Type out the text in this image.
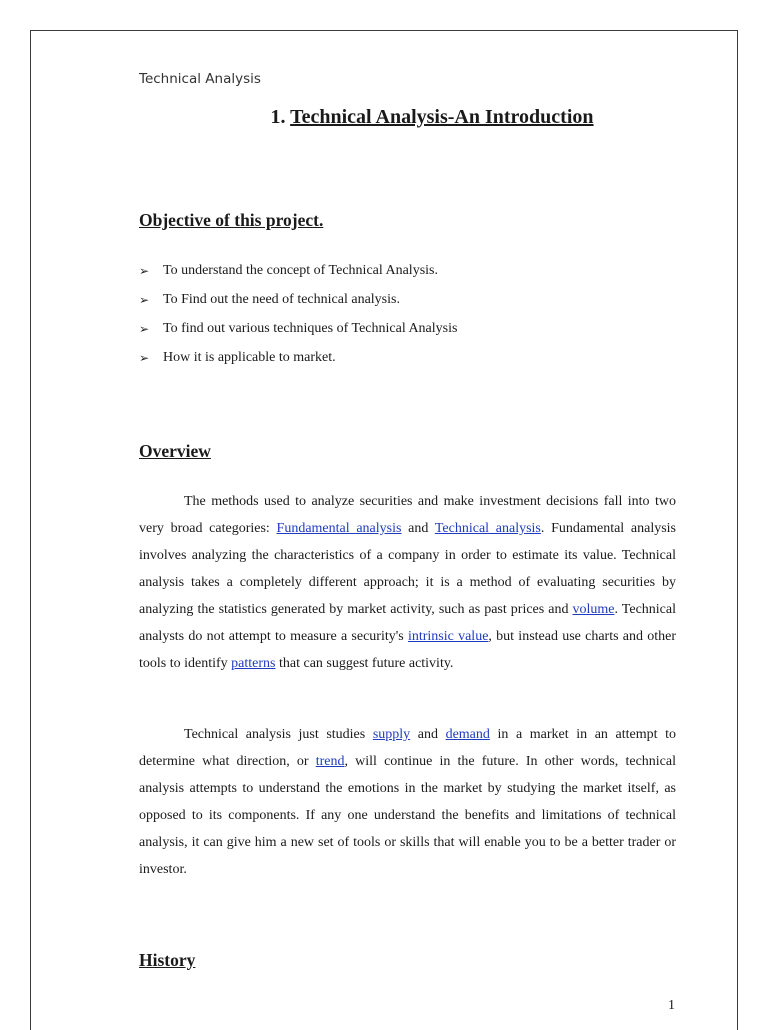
Technical Analysis
1. Technical Analysis-An Introduction
Objective of this project.
➢ To understand the concept of Technical Analysis.
➢ To Find out the need of technical analysis.
➢ To find out various techniques of Technical Analysis
➢ How it is applicable to market.
Overview
The methods used to analyze securities and make investment decisions fall into two very broad categories: Fundamental analysis and Technical analysis. Fundamental analysis involves analyzing the characteristics of a company in order to estimate its value. Technical analysis takes a completely different approach; it is a method of evaluating securities by analyzing the statistics generated by market activity, such as past prices and volume. Technical analysts do not attempt to measure a security's intrinsic value, but instead use charts and other tools to identify patterns that can suggest future activity.
Technical analysis just studies supply and demand in a market in an attempt to determine what direction, or trend, will continue in the future. In other words, technical analysis attempts to understand the emotions in the market by studying the market itself, as opposed to its components. If any one understand the benefits and limitations of technical analysis, it can give him a new set of tools or skills that will enable you to be a better trader or investor.
History
1
